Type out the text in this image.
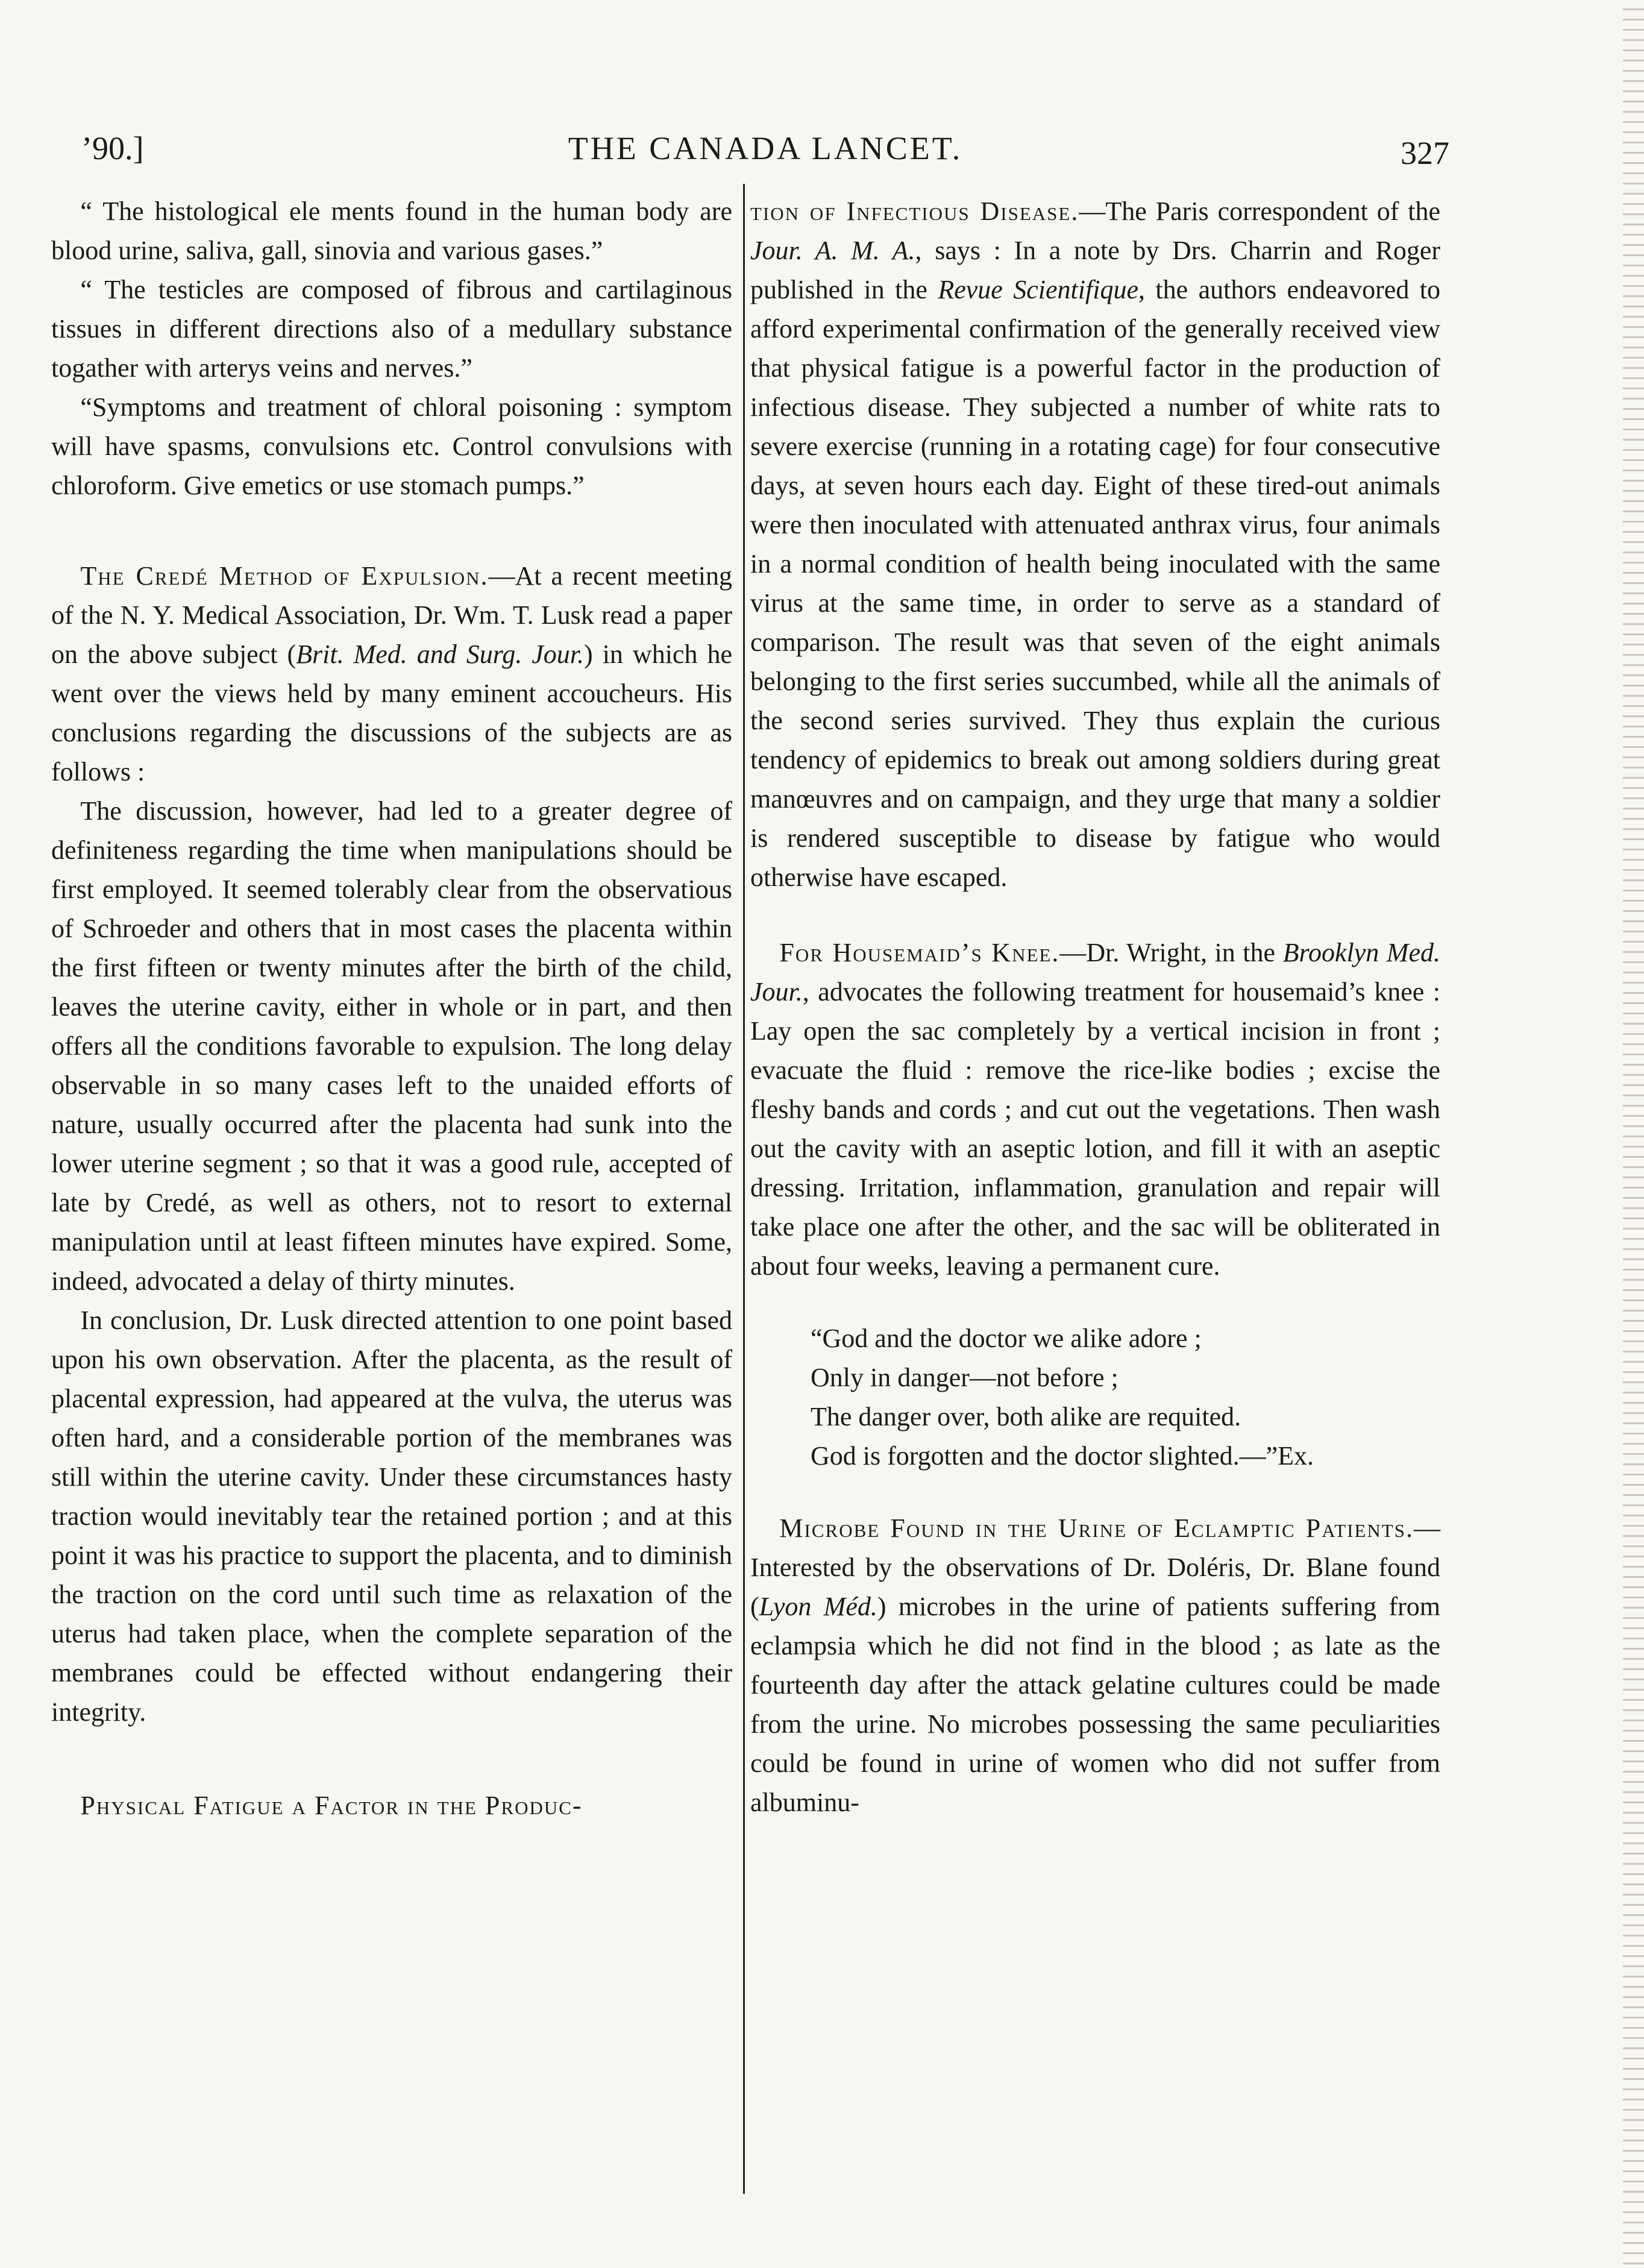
’90.]	THE CANADA LANCET.	327

“ The histological ele ments found in the human body are blood urine, saliva, gall, sinovia and various gases.”

“ The testicles are composed of fibrous and cartilaginous tissues in different directions also of a medullary substance togather with arterys veins and nerves.”

“Symptoms and treatment of chloral poisoning : symptom will have spasms, convulsions etc. Control convulsions with chloroform. Give emetics or use stomach pumps.”

The Credé Method of Expulsion.—At a recent meeting of the N. Y. Medical Association, Dr. Wm. T. Lusk read a paper on the above subject (Brit. Med. and Surg. Jour.) in which he went over the views held by many eminent accoucheurs. His conclusions regarding the discussions of the subjects are as follows :

The discussion, however, had led to a greater degree of definiteness regarding the time when manipulations should be first employed. It seemed tolerably clear from the observatious of Schroeder and others that in most cases the placenta within the first fifteen or twenty minutes after the birth of the child, leaves the uterine cavity, either in whole or in part, and then offers all the conditions favorable to expulsion. The long delay observable in so many cases left to the unaided efforts of nature, usually occurred after the placenta had sunk into the lower uterine segment ; so that it was a good rule, accepted of late by Credé, as well as others, not to resort to external manipulation until at least fifteen minutes have expired. Some, indeed, advocated a delay of thirty minutes.

In conclusion, Dr. Lusk directed attention to one point based upon his own observation. After the placenta, as the result of placental expression, had appeared at the vulva, the uterus was often hard, and a considerable portion of the membranes was still within the uterine cavity. Under these circumstances hasty traction would inevitably tear the retained portion ; and at this point it was his practice to support the placenta, and to diminish the traction on the cord until such time as relaxation of the uterus had taken place, when the complete separation of the membranes could be effected without endangering their integrity.

Physical Fatigue a Factor in the Produc-

tion of Infectious Disease.—The Paris correspondent of the Jour. A. M. A., says : In a note by Drs. Charrin and Roger published in the Revue Scientifique, the authors endeavored to afford experimental confirmation of the generally received view that physical fatigue is a powerful factor in the production of infectious disease. They subjected a number of white rats to severe exercise (running in a rotating cage) for four consecutive days, at seven hours each day. Eight of these tired-out animals were then inoculated with attenuated anthrax virus, four animals in a normal condition of health being inoculated with the same virus at the same time, in order to serve as a standard of comparison. The result was that seven of the eight animals belonging to the first series succumbed, while all the animals of the second series survived. They thus explain the curious tendency of epidemics to break out among soldiers during great manœuvres and on campaign, and they urge that many a soldier is rendered susceptible to disease by fatigue who would otherwise have escaped.

For Housemaid’s Knee.—Dr. Wright, in the Brooklyn Med. Jour., advocates the following treatment for housemaid’s knee : Lay open the sac completely by a vertical incision in front ; evacuate the fluid : remove the rice-like bodies ; excise the fleshy bands and cords ; and cut out the vegetations. Then wash out the cavity with an aseptic lotion, and fill it with an aseptic dressing. Irritation, inflammation, granulation and repair will take place one after the other, and the sac will be obliterated in about four weeks, leaving a permanent cure.

“God and the doctor we alike adore ;
Only in danger—not before ;
The danger over, both alike are requited.
God is forgotten and the doctor slighted.—”Ex.

Microbe Found in the Urine of Eclamptic Patients.—Interested by the observations of Dr. Doléris, Dr. Blane found (Lyon Méd.) microbes in the urine of patients suffering from eclampsia which he did not find in the blood ; as late as the fourteenth day after the attack gelatine cultures could be made from the urine. No microbes possessing the same peculiarities could be found in urine of women who did not suffer from albuminu-
